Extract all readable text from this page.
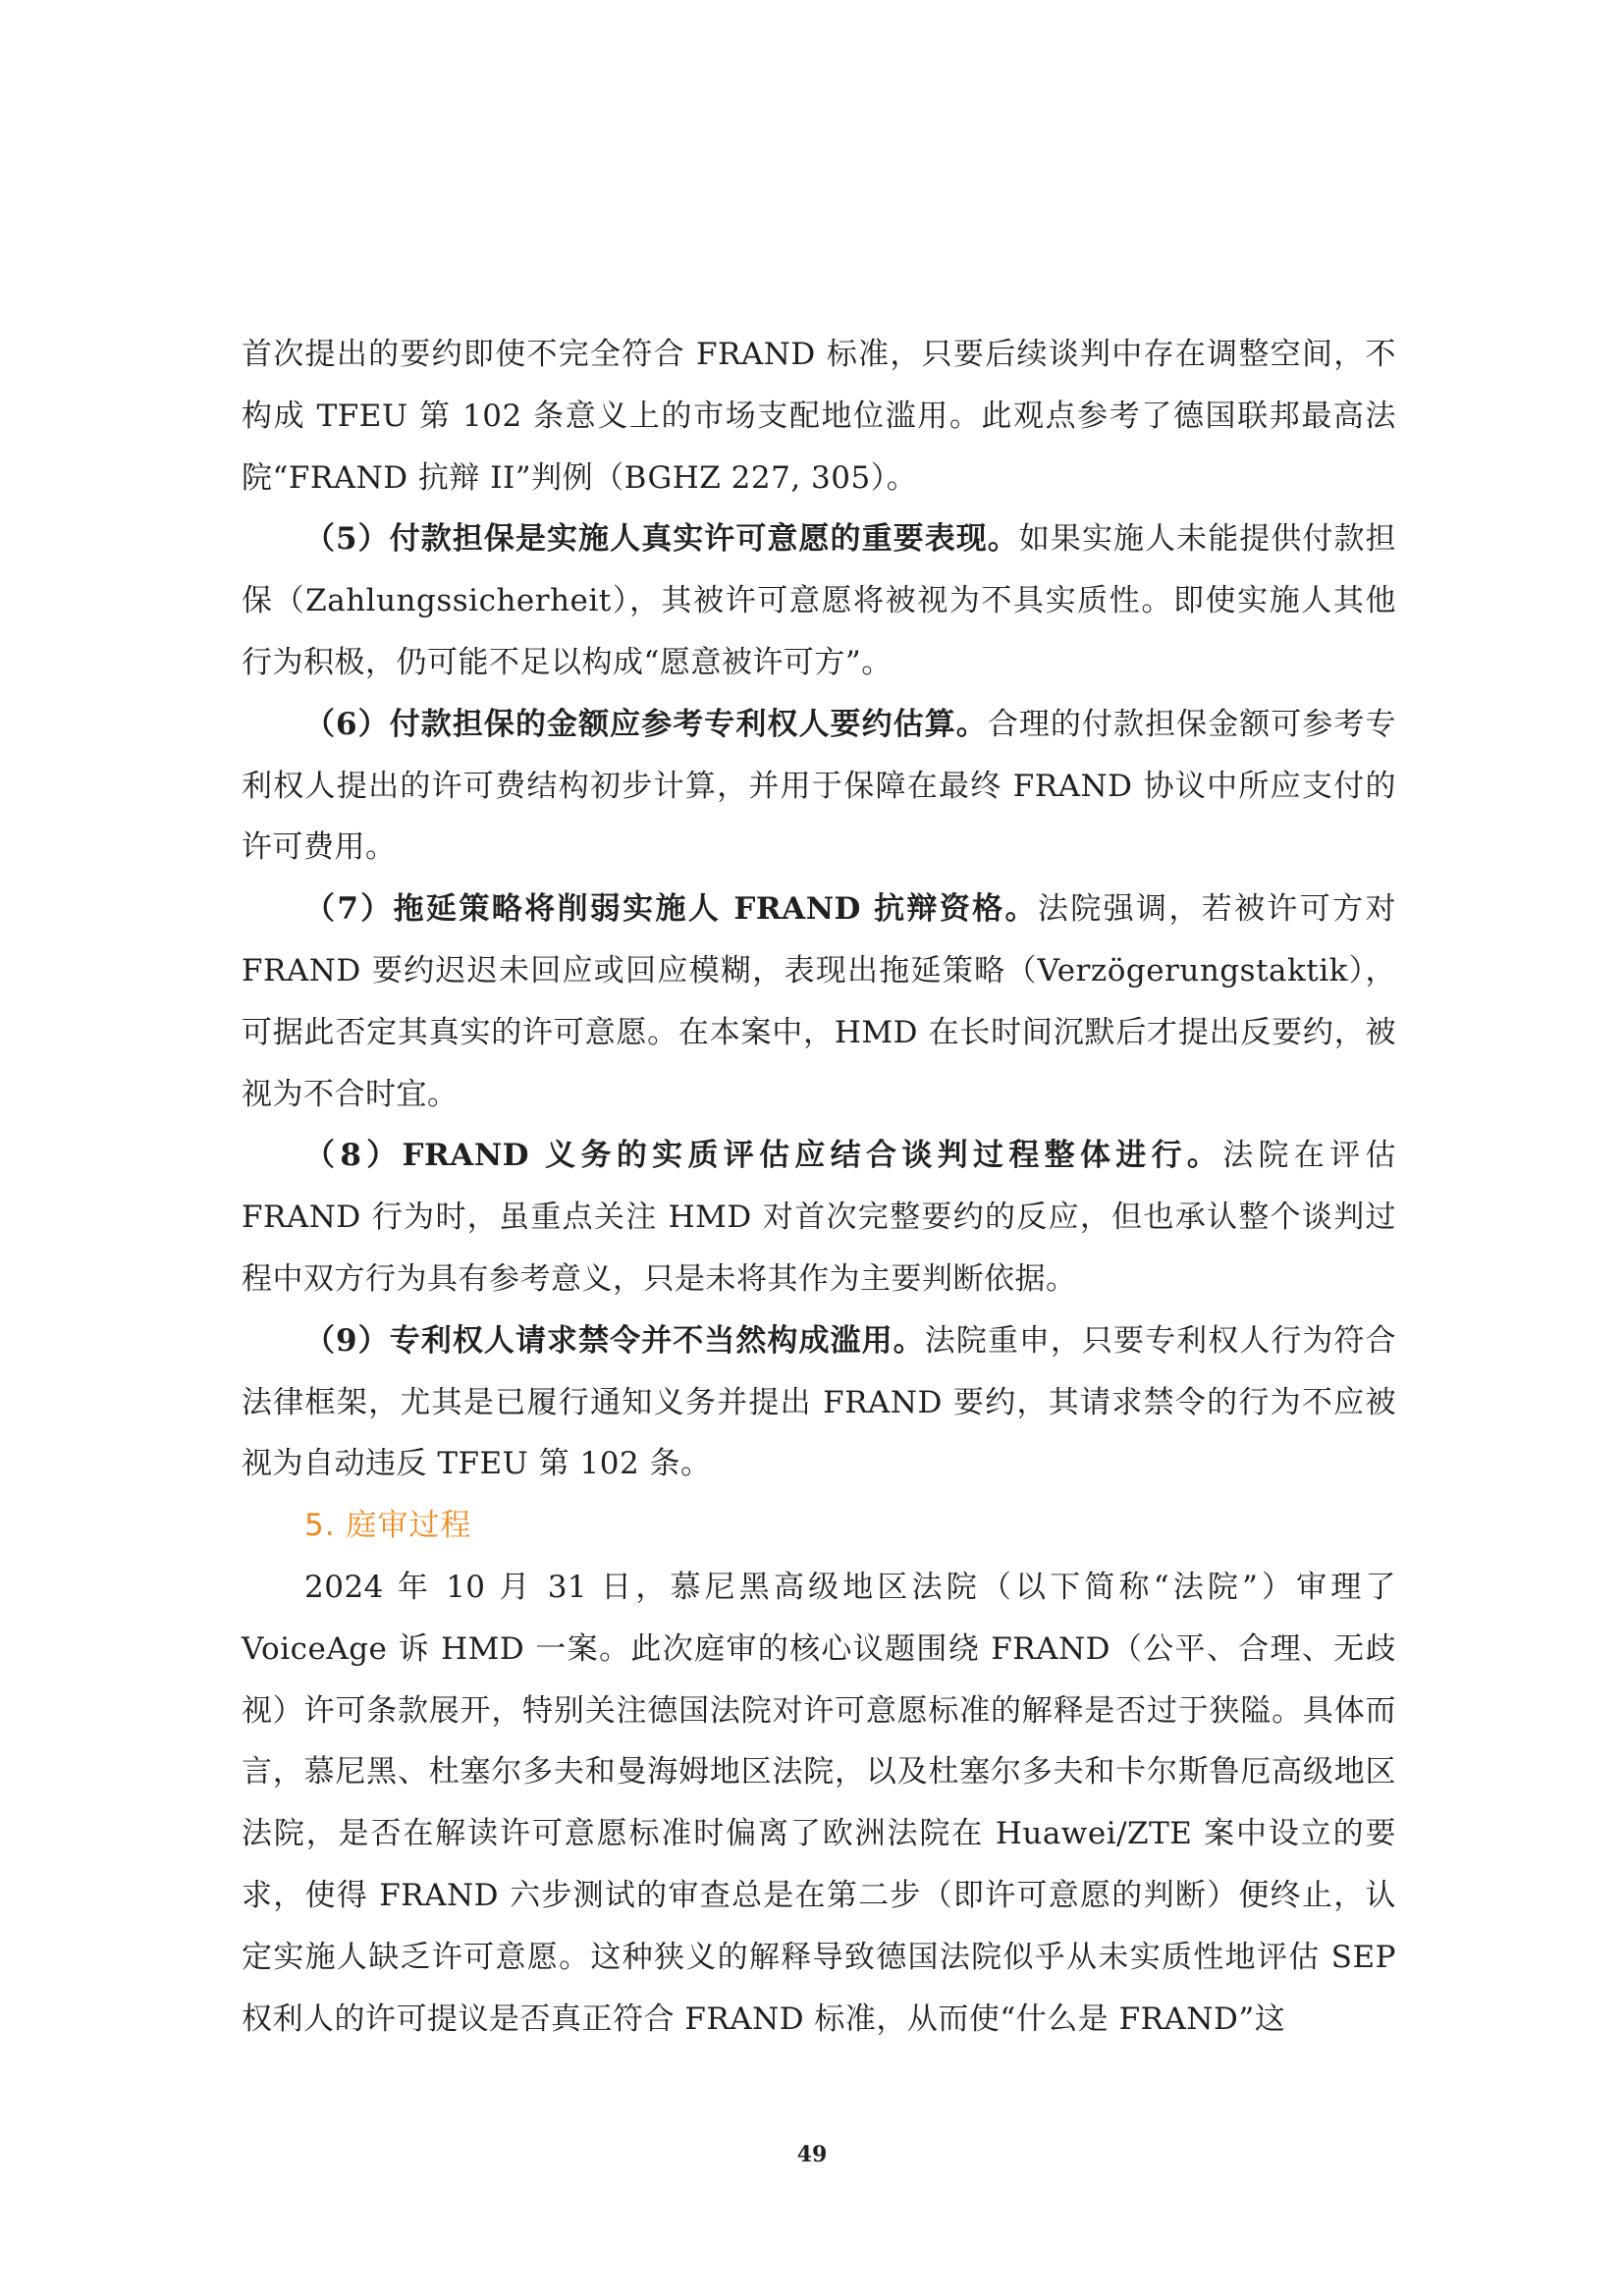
首次提出的要约即使不完全符合 FRAND 标准，只要后续谈判中存在调整空间，不构成 TFEU 第 102 条意义上的市场支配地位滥用。此观点参考了德国联邦最高法院“FRAND 抗辩 II”判例（BGHZ 227, 305）。

（5）付款担保是实施人真实许可意愿的重要表现。如果实施人未能提供付款担保（Zahlungssicherheit），其被许可意愿将被视为不具实质性。即使实施人其他行为积极，仍可能不足以构成“愿意被许可方”。

（6）付款担保的金额应参考专利权人要约估算。合理的付款担保金额可参考专利权人提出的许可费结构初步计算，并用于保障在最终 FRAND 协议中所应支付的许可费用。

（7）拖延策略将削弱实施人 FRAND 抗辩资格。法院强调，若被许可方对 FRAND 要约迟迟未回应或回应模糊，表现出拖延策略（Verzögerungstaktik），可据此否定其真实的许可意愿。在本案中，HMD 在长时间沉默后才提出反要约，被视为不合时宜。

（8）FRAND 义务的实质评估应结合谈判过程整体进行。法院在评估 FRAND 行为时，虽重点关注 HMD 对首次完整要约的反应，但也承认整个谈判过程中双方行为具有参考意义，只是未将其作为主要判断依据。

（9）专利权人请求禁令并不当然构成滥用。法院重申，只要专利权人行为符合法律框架，尤其是已履行通知义务并提出 FRAND 要约，其请求禁令的行为不应被视为自动违反 TFEU 第 102 条。

5. 庭审过程

2024 年 10 月 31 日，慕尼黑高级地区法院（以下简称“法院”）审理了 VoiceAge 诉 HMD 一案。此次庭审的核心议题围绕 FRAND（公平、合理、无歧视）许可条款展开，特别关注德国法院对许可意愿标准的解释是否过于狭隘。具体而言，慕尼黑、杜塞尔多夫和曼海姆地区法院，以及杜塞尔多夫和卡尔斯鲁厄高级地区法院，是否在解读许可意愿标准时偏离了欧洲法院在 Huawei/ZTE 案中设立的要求，使得 FRAND 六步测试的审查总是在第二步（即许可意愿的判断）便终止，认定实施人缺乏许可意愿。这种狭义的解释导致德国法院似乎从未实质性地评估 SEP 权利人的许可提议是否真正符合 FRAND 标准，从而使“什么是 FRAND”这

49
